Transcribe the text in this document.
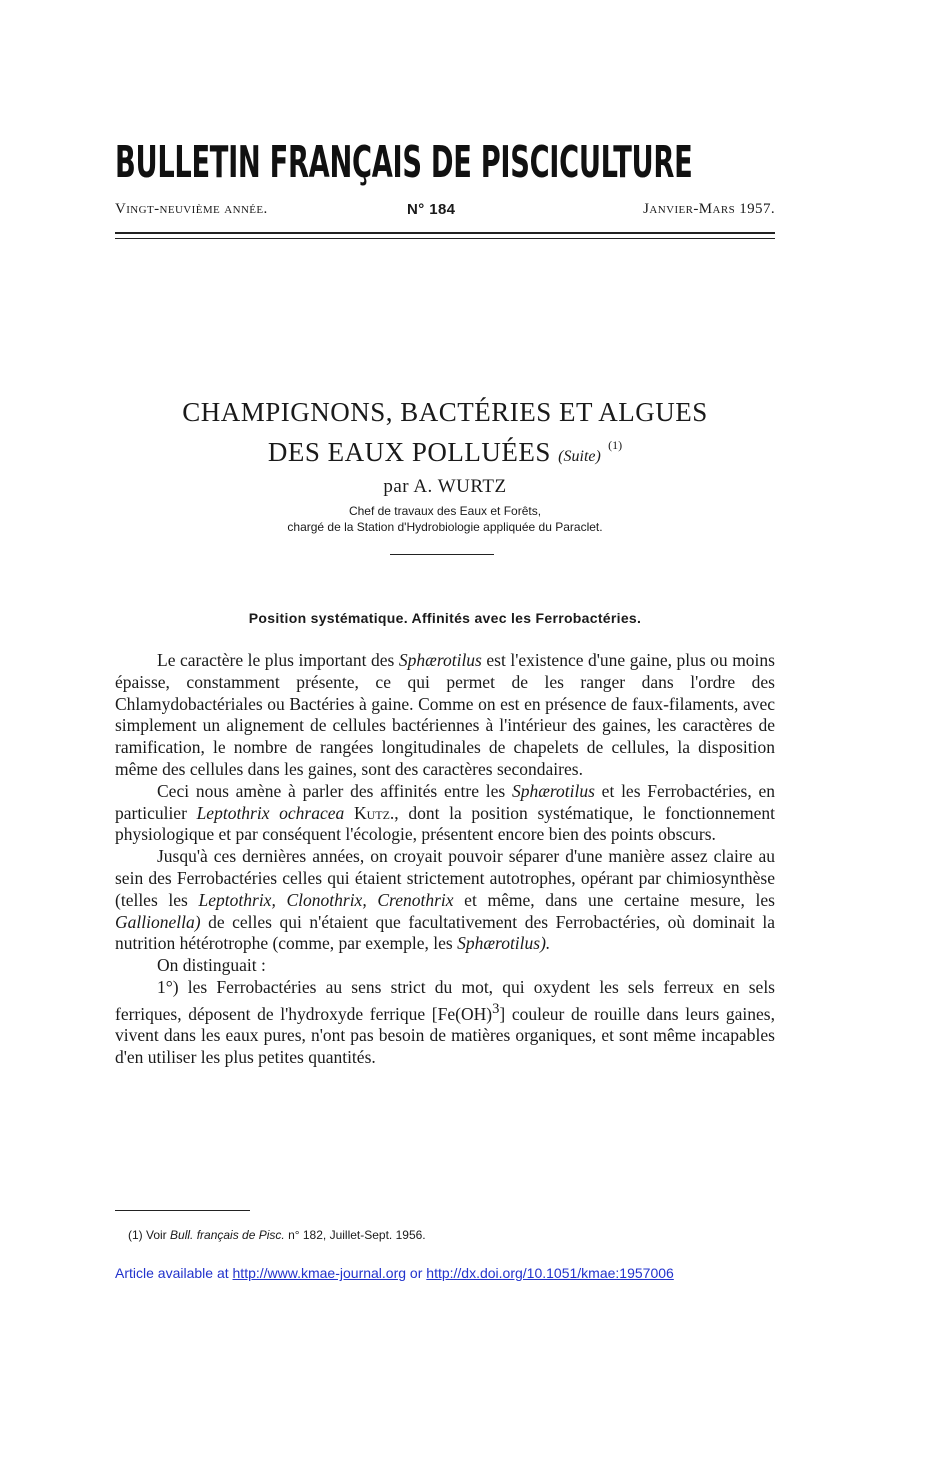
BULLETIN FRANÇAIS DE PISCICULTURE
Vingt-neuvième année.	N° 184	Janvier-Mars 1957.
CHAMPIGNONS, BACTÉRIES ET ALGUES
DES EAUX POLLUÉES (Suite) $^{(1)}$
par A. WURTZ
Chef de travaux des Eaux et Forêts,
chargé de la Station d'Hydrobiologie appliquée du Paraclet.
Position systématique. Affinités avec les Ferrobactéries.

Le caractère le plus important des Sphærotilus est l'existence d'une gaine, plus ou moins épaisse, constamment présente, ce qui permet de les ranger dans l'ordre des Chlamydobactériales ou Bactéries à gaine. Comme on est en présence de faux-filaments, avec simplement un alignement de cellules bactériennes à l'intérieur des gaines, les caractères de ramification, le nombre de rangées longitudinales de chapelets de cellules, la disposition même des cellules dans les gaines, sont des caractères secondaires.

Ceci nous amène à parler des affinités entre les Sphærotilus et les Ferrobactéries, en particulier Leptothrix ochracea Kutz., dont la position systématique, le fonctionnement physiologique et par conséquent l'écologie, présentent encore bien des points obscurs.

Jusqu'à ces dernières années, on croyait pouvoir séparer d'une manière assez claire au sein des Ferrobactéries celles qui étaient strictement autotrophes, opérant par chimiosynthèse (telles les Leptothrix, Clonothrix, Crenothrix et même, dans une certaine mesure, les Gallionella) de celles qui n'étaient que facultativement des Ferrobactéries, où dominait la nutrition hétérotrophe (comme, par exemple, les Sphærotilus).

On distinguait :

1°) les Ferrobactéries au sens strict du mot, qui oxydent les sels ferreux en sels ferriques, déposent de l'hydroxyde ferrique [Fe(OH)$^3$] couleur de rouille dans leurs gaines, vivent dans les eaux pures, n'ont pas besoin de matières organiques, et sont même incapables d'en utiliser les plus petites quantités.

(1) Voir Bull. français de Pisc. n° 182, Juillet-Sept. 1956.
Article available at http://www.kmae-journal.org or http://dx.doi.org/10.1051/kmae:1957006
